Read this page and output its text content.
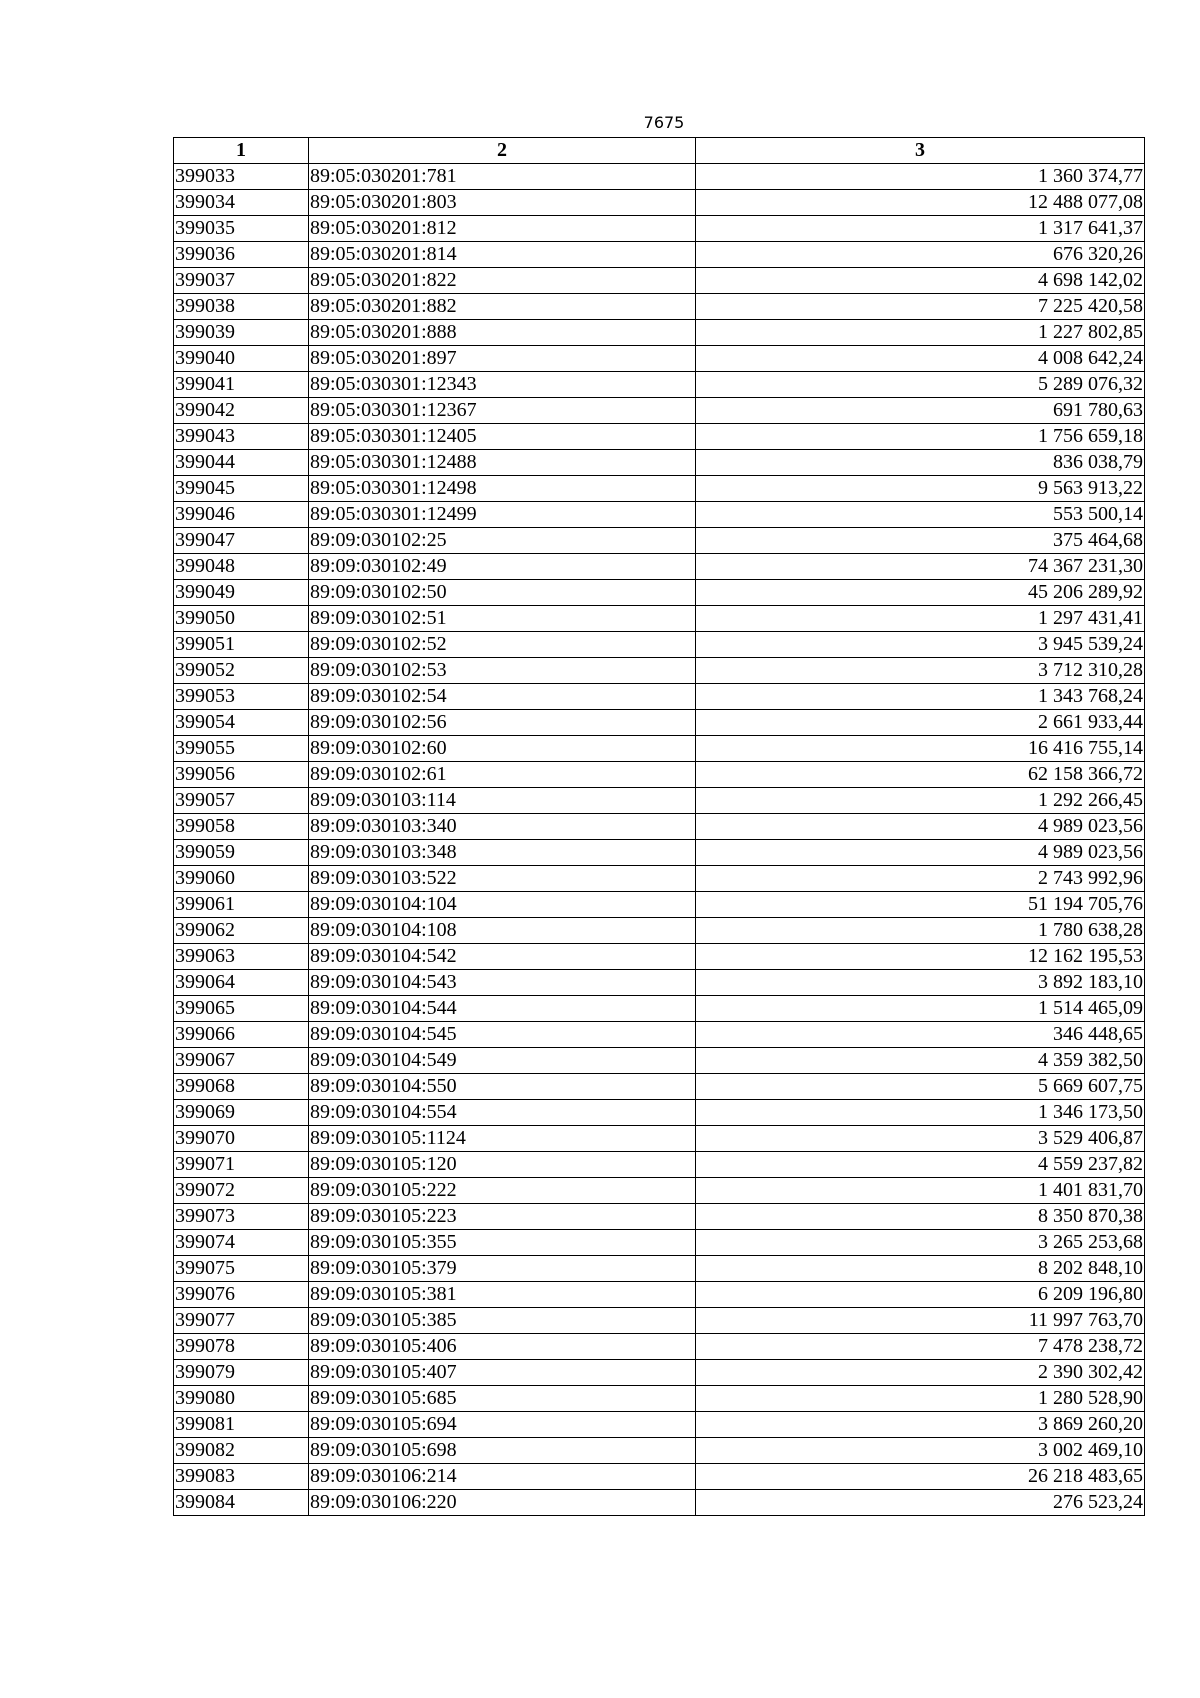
7675
1	2	3
399033	89:05:030201:781	1 360 374,77
399034	89:05:030201:803	12 488 077,08
399035	89:05:030201:812	1 317 641,37
399036	89:05:030201:814	676 320,26
399037	89:05:030201:822	4 698 142,02
399038	89:05:030201:882	7 225 420,58
399039	89:05:030201:888	1 227 802,85
399040	89:05:030201:897	4 008 642,24
399041	89:05:030301:12343	5 289 076,32
399042	89:05:030301:12367	691 780,63
399043	89:05:030301:12405	1 756 659,18
399044	89:05:030301:12488	836 038,79
399045	89:05:030301:12498	9 563 913,22
399046	89:05:030301:12499	553 500,14
399047	89:09:030102:25	375 464,68
399048	89:09:030102:49	74 367 231,30
399049	89:09:030102:50	45 206 289,92
399050	89:09:030102:51	1 297 431,41
399051	89:09:030102:52	3 945 539,24
399052	89:09:030102:53	3 712 310,28
399053	89:09:030102:54	1 343 768,24
399054	89:09:030102:56	2 661 933,44
399055	89:09:030102:60	16 416 755,14
399056	89:09:030102:61	62 158 366,72
399057	89:09:030103:114	1 292 266,45
399058	89:09:030103:340	4 989 023,56
399059	89:09:030103:348	4 989 023,56
399060	89:09:030103:522	2 743 992,96
399061	89:09:030104:104	51 194 705,76
399062	89:09:030104:108	1 780 638,28
399063	89:09:030104:542	12 162 195,53
399064	89:09:030104:543	3 892 183,10
399065	89:09:030104:544	1 514 465,09
399066	89:09:030104:545	346 448,65
399067	89:09:030104:549	4 359 382,50
399068	89:09:030104:550	5 669 607,75
399069	89:09:030104:554	1 346 173,50
399070	89:09:030105:1124	3 529 406,87
399071	89:09:030105:120	4 559 237,82
399072	89:09:030105:222	1 401 831,70
399073	89:09:030105:223	8 350 870,38
399074	89:09:030105:355	3 265 253,68
399075	89:09:030105:379	8 202 848,10
399076	89:09:030105:381	6 209 196,80
399077	89:09:030105:385	11 997 763,70
399078	89:09:030105:406	7 478 238,72
399079	89:09:030105:407	2 390 302,42
399080	89:09:030105:685	1 280 528,90
399081	89:09:030105:694	3 869 260,20
399082	89:09:030105:698	3 002 469,10
399083	89:09:030106:214	26 218 483,65
399084	89:09:030106:220	276 523,24
